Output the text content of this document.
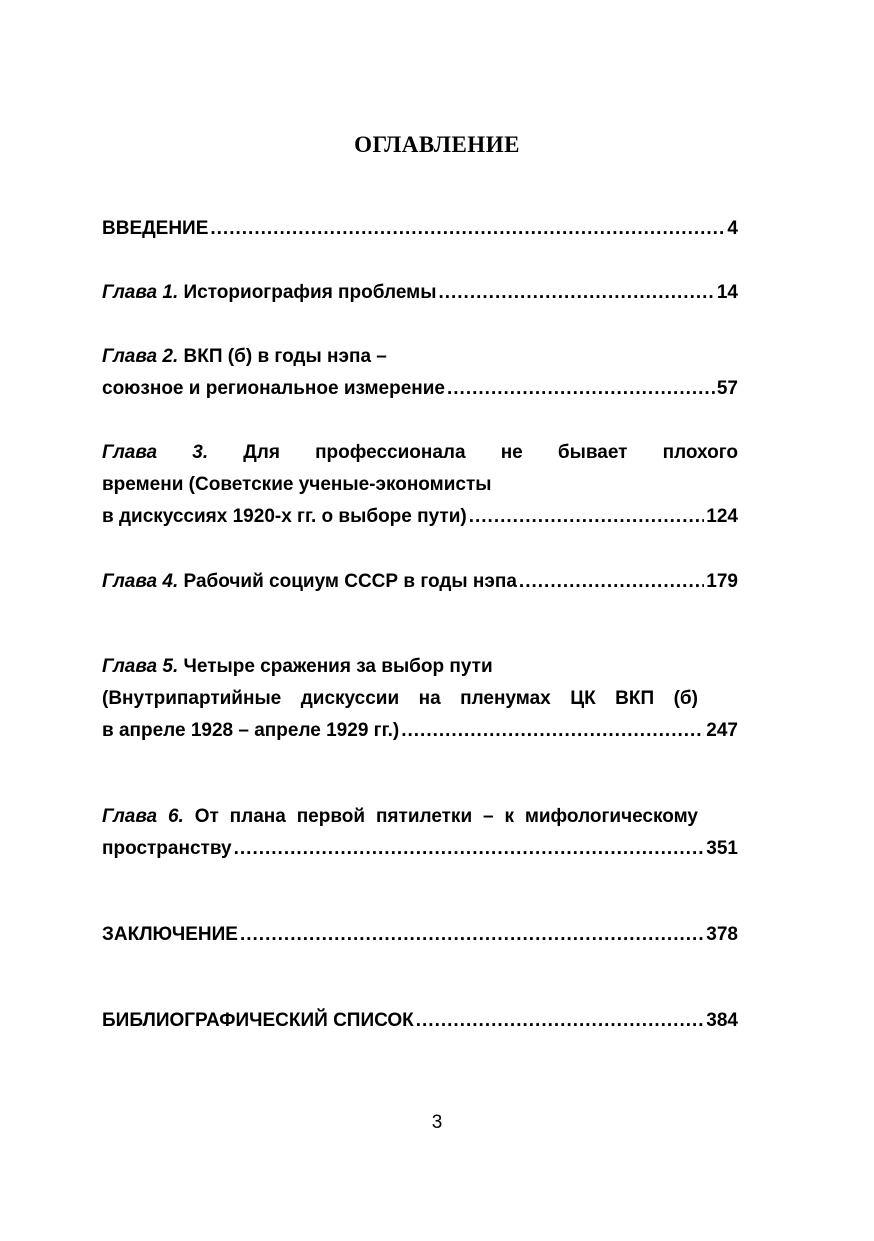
ОГЛАВЛЕНИЕ
ВВЕДЕНИЕ .....	4
Глава 1. Историография проблемы .....	14
Глава 2. ВКП (б) в годы нэпа –
союзное и региональное измерение .....	57
Глава 3. Для профессионала не бывает плохого
времени (Советские ученые-экономисты
в дискуссиях 1920-х гг. о выборе пути) .....	124
Глава 4. Рабочий социум СССР в годы нэпа .....	179
Глава 5. Четыре сражения за выбор пути
(Внутрипартийные дискуссии на пленумах ЦК ВКП (б)
в апреле 1928 – апреле 1929 гг.) .....	247
Глава 6. От плана первой пятилетки – к мифологическому
пространству .....	351
ЗАКЛЮЧЕНИЕ .....	378
БИБЛИОГРАФИЧЕСКИЙ СПИСОК .....	384
3
